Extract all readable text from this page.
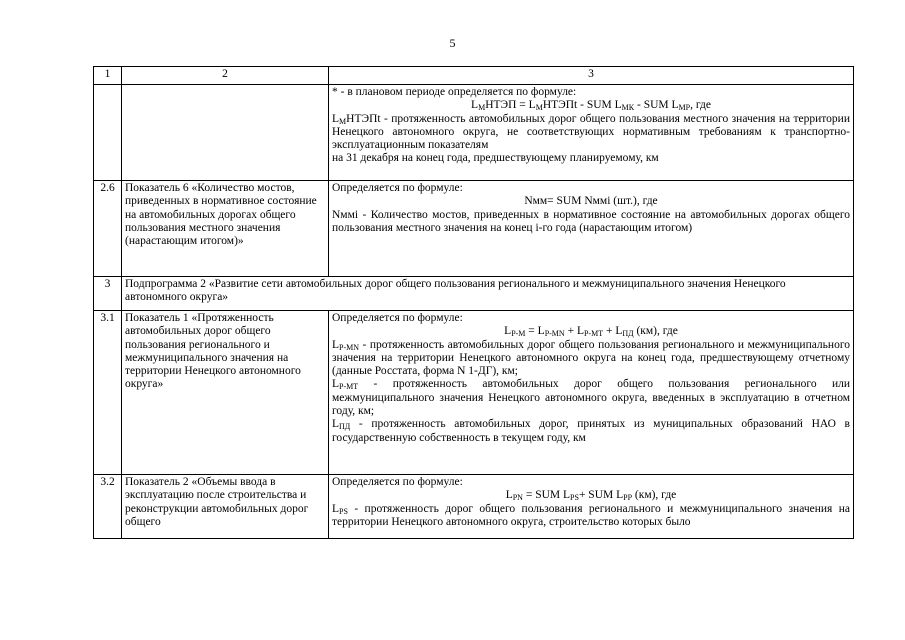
5
1	2	3

		* - в плановом периоде определяется по формуле:
$L_МНТЭП$ = $L_МНТЭПt$ - SUM $L_{МК}$ - SUM $L_{МР}$, где
$L_МНТЭПt$ - протяженность автомобильных дорог общего пользования местного значения на территории Ненецкого автономного округа, не соответствующих нормативным требованиям к транспортно-эксплуатационным показателям
на 31 декабря на конец года, предшествующему планируемому, км

2.6	Показатель 6 «Количество мостов, приведенных в нормативное состояние на автомобильных дорогах общего пользования местного значения (нарастающим итогом)»	Определяется по формуле:
Nмм= SUM Nммi (шт.), где
Nммi - Количество мостов, приведенных в нормативное состояние на автомобильных дорогах общего пользования местного значения на конец i-го года (нарастающим итогом)

3	Подпрограмма 2 «Развитие сети автомобильных дорог общего пользования регионального и межмуниципального значения Ненецкого автономного округа»	
3.1	Показатель 1 «Протяженность автомобильных дорог общего пользования регионального и межмуниципального значения на территории Ненецкого автономного округа»	Определяется по формуле:
$L_{Р-М} = L_{Р-МN} + L_{Р-МТ} + L_{ПД}$ (км), где
$L_{Р-МN}$ - протяженность автомобильных дорог общего пользования регионального и межмуниципального значения на территории Ненецкого автономного округа на конец года, предшествующему отчетному (данные Росстата, форма N 1-ДГ), км;
$L_{Р-МТ}$ - протяженность автомобильных дорог общего пользования регионального или межмуниципального значения Ненецкого автономного округа, введенных в эксплуатацию в отчетном году, км;
$L_{ПД}$ - протяженность автомобильных дорог, принятых из муниципальных образований НАО в государственную собственность в текущем году, км

3.2	Показатель 2 «Объемы ввода в эксплуатацию после строительства и реконструкции автомобильных дорог общего	Определяется по формуле:
$L_{PN}$ = SUM $L_{PS}+$ SUM $L_{PP}$ (км), где
$L_{PS}$ - протяженность дорог общего пользования регионального и межмуниципального значения на территории Ненецкого автономного округа, строительство которых было
